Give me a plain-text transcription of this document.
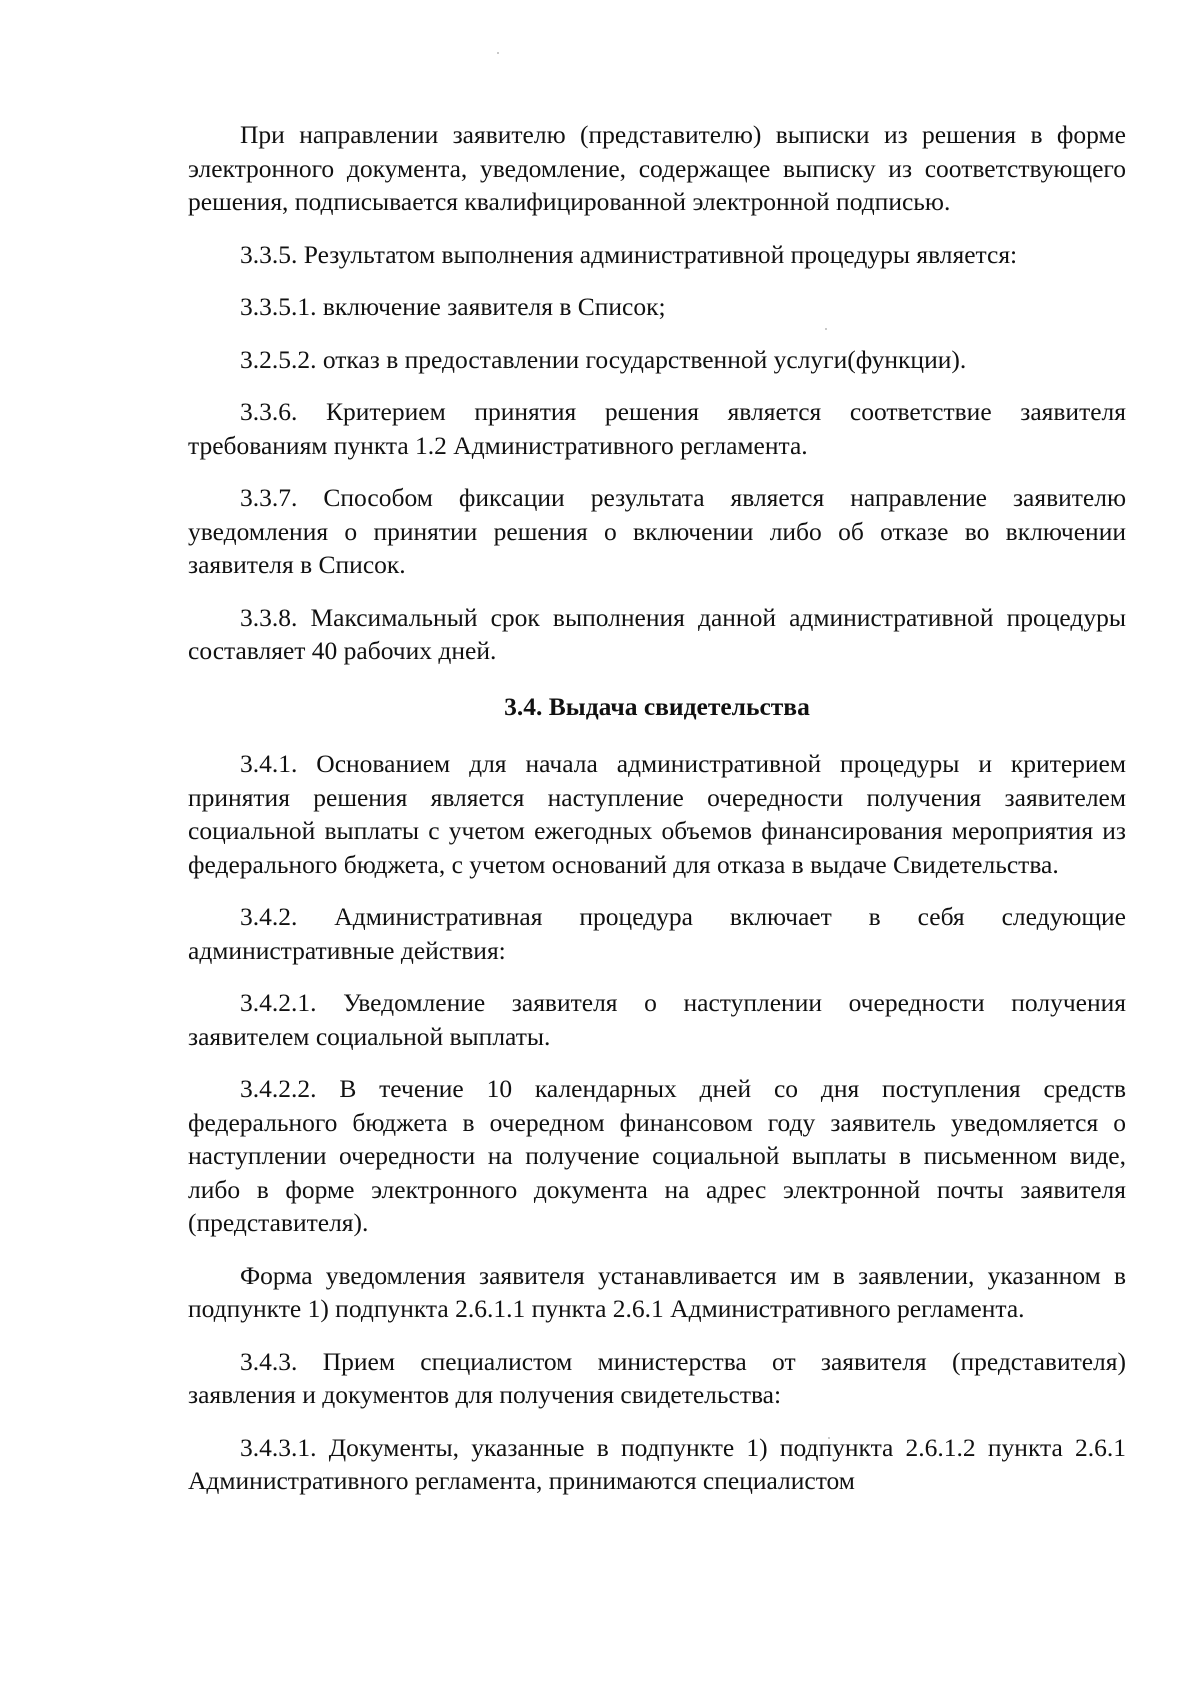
При направлении заявителю (представителю) выписки из решения в форме электронного документа, уведомление, содержащее выписку из соответствующего решения, подписывается квалифицированной электронной подписью.

3.3.5. Результатом выполнения административной процедуры является:

3.3.5.1. включение заявителя в Список;

3.2.5.2. отказ в предоставлении государственной услуги(функции).

3.3.6. Критерием принятия решения является соответствие заявителя требованиям пункта 1.2 Административного регламента.

3.3.7. Способом фиксации результата является направление заявителю уведомления о принятии решения о включении либо об отказе во включении заявителя в Список.

3.3.8. Максимальный срок выполнения данной административной процедуры составляет 40 рабочих дней.

3.4. Выдача свидетельства

3.4.1. Основанием для начала административной процедуры и критерием принятия решения является наступление очередности получения заявителем социальной выплаты с учетом ежегодных объемов финансирования мероприятия из федерального бюджета, с учетом оснований для отказа в выдаче Свидетельства.

3.4.2. Административная процедура включает в себя следующие административные действия:

3.4.2.1. Уведомление заявителя о наступлении очередности получения заявителем социальной выплаты.

3.4.2.2. В течение 10 календарных дней со дня поступления средств федерального бюджета в очередном финансовом году заявитель уведомляется о наступлении очередности на получение социальной выплаты в письменном виде, либо в форме электронного документа на адрес электронной почты заявителя (представителя).

Форма уведомления заявителя устанавливается им в заявлении, указанном в подпункте 1) подпункта 2.6.1.1 пункта 2.6.1 Административного регламента.

3.4.3. Прием специалистом министерства от заявителя (представителя) заявления и документов для получения свидетельства:

3.4.3.1. Документы, указанные в подпункте 1) подпункта 2.6.1.2 пункта 2.6.1 Административного регламента, принимаются специалистом
